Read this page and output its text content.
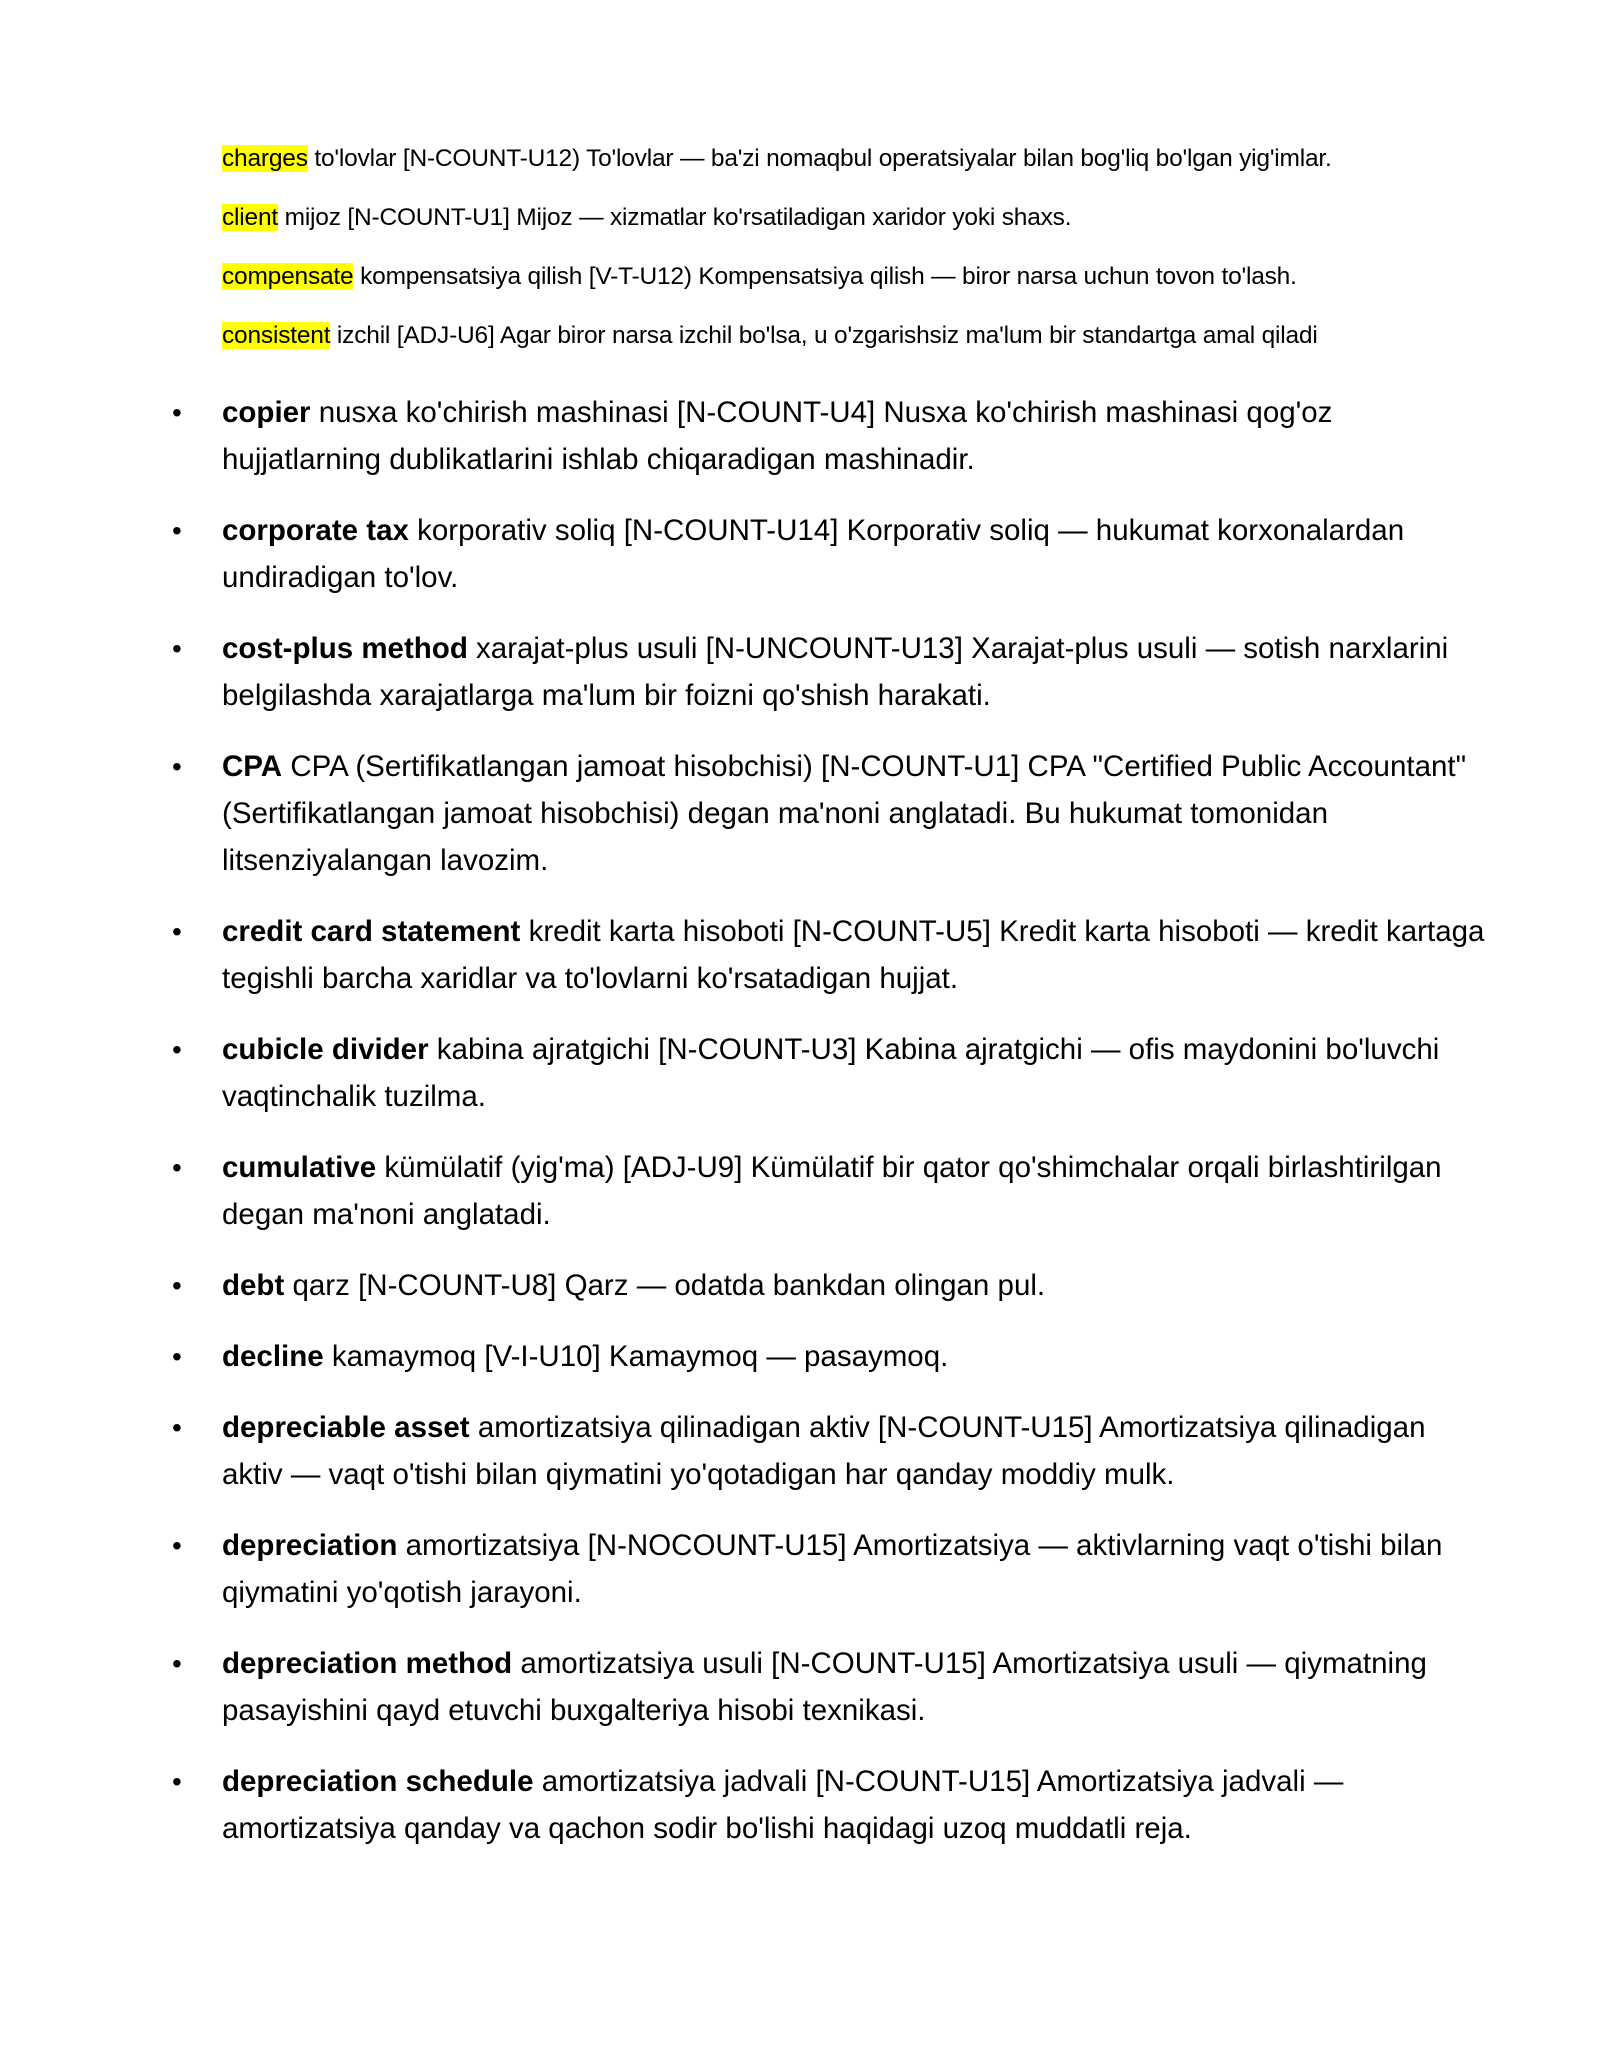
charges to'lovlar [N-COUNT-U12) To'lovlar — ba'zi nomaqbul operatsiyalar bilan bog'liq bo'lgan yig'imlar.
client mijoz [N-COUNT-U1] Mijoz — xizmatlar ko'rsatiladigan xaridor yoki shaxs.
compensate kompensatsiya qilish [V-T-U12) Kompensatsiya qilish — biror narsa uchun tovon to'lash.
consistent izchil [ADJ-U6] Agar biror narsa izchil bo'lsa, u o'zgarishsiz ma'lum bir standartga amal qiladi
• copier nusxa ko'chirish mashinasi [N-COUNT-U4] Nusxa ko'chirish mashinasi qog'oz hujjatlarning dublikatlarini ishlab chiqaradigan mashinadir.
• corporate tax korporativ soliq [N-COUNT-U14] Korporativ soliq — hukumat korxonalardan undiradigan to'lov.
• cost-plus method xarajat-plus usuli [N-UNCOUNT-U13] Xarajat-plus usuli — sotish narxlarini belgilashda xarajatlarga ma'lum bir foizni qo'shish harakati.
• CPA CPA (Sertifikatlangan jamoat hisobchisi) [N-COUNT-U1] CPA "Certified Public Accountant" (Sertifikatlangan jamoat hisobchisi) degan ma'noni anglatadi. Bu hukumat tomonidan litsenziyalangan lavozim.
• credit card statement kredit karta hisoboti [N-COUNT-U5] Kredit karta hisoboti — kredit kartaga tegishli barcha xaridlar va to'lovlarni ko'rsatadigan hujjat.
• cubicle divider kabina ajratgichi [N-COUNT-U3] Kabina ajratgichi — ofis maydonini bo'luvchi vaqtinchalik tuzilma.
• cumulative kümülatif (yig'ma) [ADJ-U9] Kümülatif bir qator qo'shimchalar orqali birlashtirilgan degan ma'noni anglatadi.
• debt qarz [N-COUNT-U8] Qarz — odatda bankdan olingan pul.
• decline kamaymoq [V-I-U10] Kamaymoq — pasaymoq.
• depreciable asset amortizatsiya qilinadigan aktiv [N-COUNT-U15] Amortizatsiya qilinadigan aktiv — vaqt o'tishi bilan qiymatini yo'qotadigan har qanday moddiy mulk.
• depreciation amortizatsiya [N-NOCOUNT-U15] Amortizatsiya — aktivlarning vaqt o'tishi bilan qiymatini yo'qotish jarayoni.
• depreciation method amortizatsiya usuli [N-COUNT-U15] Amortizatsiya usuli — qiymatning pasayishini qayd etuvchi buxgalteriya hisobi texnikasi.
• depreciation schedule amortizatsiya jadvali [N-COUNT-U15] Amortizatsiya jadvali — amortizatsiya qanday va qachon sodir bo'lishi haqidagi uzoq muddatli reja.
